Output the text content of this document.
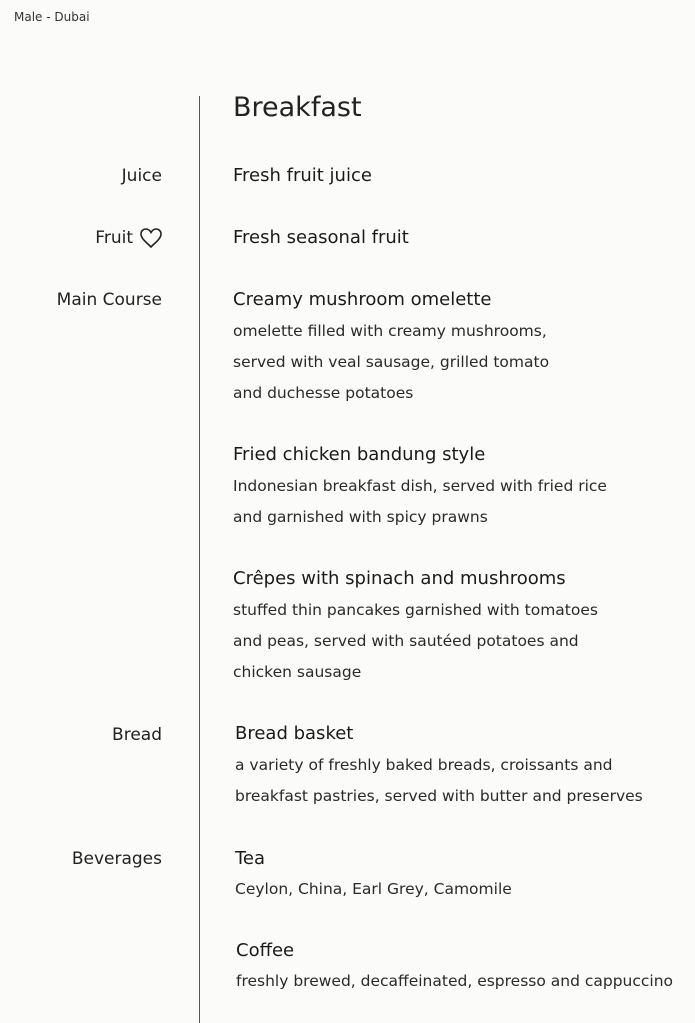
Male - Dubai
Breakfast
Juice
Fruit
Main Course
Bread
Beverages
Fresh fruit juice
Fresh seasonal fruit
Creamy mushroom omelette
omelette filled with creamy mushrooms,
served with veal sausage, grilled tomato
and duchesse potatoes
Fried chicken bandung style
Indonesian breakfast dish, served with fried rice
and garnished with spicy prawns
Crêpes with spinach and mushrooms
stuffed thin pancakes garnished with tomatoes
and peas, served with sautéed potatoes and
chicken sausage
Bread basket
a variety of freshly baked breads, croissants and
breakfast pastries, served with butter and preserves
Tea
Ceylon, China, Earl Grey, Camomile
Coffee
freshly brewed, decaffeinated, espresso and cappuccino
